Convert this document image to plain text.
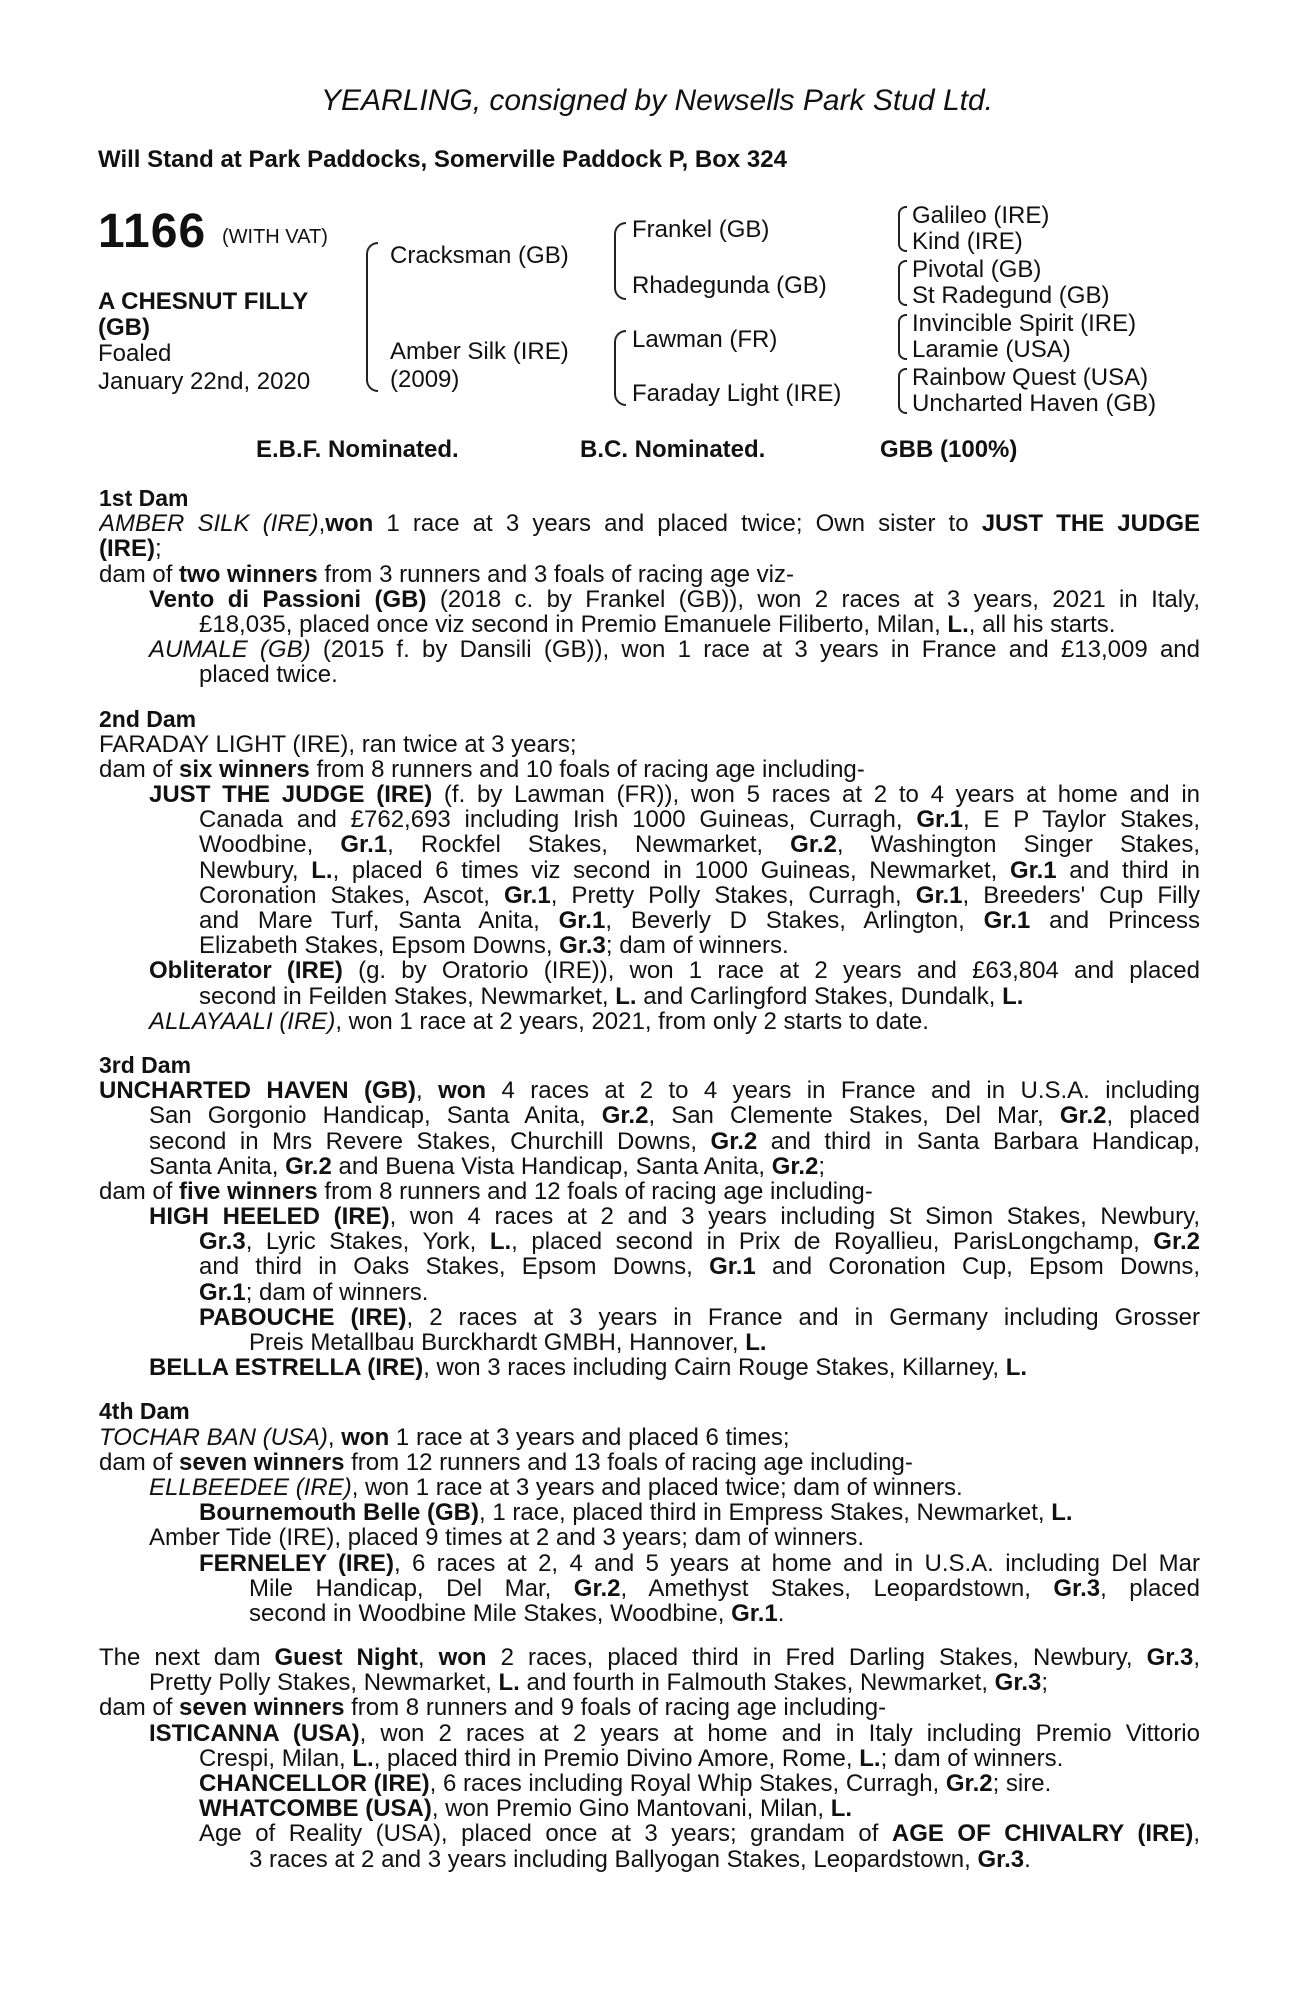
YEARLING, consigned by Newsells Park Stud Ltd.
Will Stand at Park Paddocks, Somerville Paddock P, Box 324
1166 (WITH VAT)
A CHESNUT FILLY
(GB)
Foaled
January 22nd, 2020
Cracksman (GB)
Amber Silk (IRE)
(2009)
Frankel (GB)
Rhadegunda (GB)
Lawman (FR)
Faraday Light (IRE)
Galileo (IRE)
Kind (IRE)
Pivotal (GB)
St Radegund (GB)
Invincible Spirit (IRE)
Laramie (USA)
Rainbow Quest (USA)
Uncharted Haven (GB)
E.B.F. Nominated.	B.C. Nominated.	GBB (100%)
1st Dam
AMBER SILK (IRE),won 1 race at 3 years and placed twice; Own sister to JUST THE JUDGE
(IRE);
dam of two winners from 3 runners and 3 foals of racing age viz-
Vento di Passioni (GB) (2018 c. by Frankel (GB)), won 2 races at 3 years, 2021 in Italy,
£18,035, placed once viz second in Premio Emanuele Filiberto, Milan, L., all his starts.
AUMALE (GB) (2015 f. by Dansili (GB)), won 1 race at 3 years in France and £13,009 and
placed twice.
2nd Dam
FARADAY LIGHT (IRE), ran twice at 3 years;
dam of six winners from 8 runners and 10 foals of racing age including-
JUST THE JUDGE (IRE) (f. by Lawman (FR)), won 5 races at 2 to 4 years at home and in
Canada and £762,693 including Irish 1000 Guineas, Curragh, Gr.1, E P Taylor Stakes,
Woodbine, Gr.1, Rockfel Stakes, Newmarket, Gr.2, Washington Singer Stakes,
Newbury, L., placed 6 times viz second in 1000 Guineas, Newmarket, Gr.1 and third in
Coronation Stakes, Ascot, Gr.1, Pretty Polly Stakes, Curragh, Gr.1, Breeders' Cup Filly
and Mare Turf, Santa Anita, Gr.1, Beverly D Stakes, Arlington, Gr.1 and Princess
Elizabeth Stakes, Epsom Downs, Gr.3; dam of winners.
Obliterator (IRE) (g. by Oratorio (IRE)), won 1 race at 2 years and £63,804 and placed
second in Feilden Stakes, Newmarket, L. and Carlingford Stakes, Dundalk, L.
ALLAYAALI (IRE), won 1 race at 2 years, 2021, from only 2 starts to date.
3rd Dam
UNCHARTED HAVEN (GB), won 4 races at 2 to 4 years in France and in U.S.A. including
San Gorgonio Handicap, Santa Anita, Gr.2, San Clemente Stakes, Del Mar, Gr.2, placed
second in Mrs Revere Stakes, Churchill Downs, Gr.2 and third in Santa Barbara Handicap,
Santa Anita, Gr.2 and Buena Vista Handicap, Santa Anita, Gr.2;
dam of five winners from 8 runners and 12 foals of racing age including-
HIGH HEELED (IRE), won 4 races at 2 and 3 years including St Simon Stakes, Newbury,
Gr.3, Lyric Stakes, York, L., placed second in Prix de Royallieu, ParisLongchamp, Gr.2
and third in Oaks Stakes, Epsom Downs, Gr.1 and Coronation Cup, Epsom Downs,
Gr.1; dam of winners.
PABOUCHE (IRE), 2 races at 3 years in France and in Germany including Grosser
Preis Metallbau Burckhardt GMBH, Hannover, L.
BELLA ESTRELLA (IRE), won 3 races including Cairn Rouge Stakes, Killarney, L.
4th Dam
TOCHAR BAN (USA), won 1 race at 3 years and placed 6 times;
dam of seven winners from 12 runners and 13 foals of racing age including-
ELLBEEDEE (IRE), won 1 race at 3 years and placed twice; dam of winners.
Bournemouth Belle (GB), 1 race, placed third in Empress Stakes, Newmarket, L.
Amber Tide (IRE), placed 9 times at 2 and 3 years; dam of winners.
FERNELEY (IRE), 6 races at 2, 4 and 5 years at home and in U.S.A. including Del Mar
Mile Handicap, Del Mar, Gr.2, Amethyst Stakes, Leopardstown, Gr.3, placed
second in Woodbine Mile Stakes, Woodbine, Gr.1.
The next dam Guest Night, won 2 races, placed third in Fred Darling Stakes, Newbury, Gr.3,
Pretty Polly Stakes, Newmarket, L. and fourth in Falmouth Stakes, Newmarket, Gr.3;
dam of seven winners from 8 runners and 9 foals of racing age including-
ISTICANNA (USA), won 2 races at 2 years at home and in Italy including Premio Vittorio
Crespi, Milan, L., placed third in Premio Divino Amore, Rome, L.; dam of winners.
CHANCELLOR (IRE), 6 races including Royal Whip Stakes, Curragh, Gr.2; sire.
WHATCOMBE (USA), won Premio Gino Mantovani, Milan, L.
Age of Reality (USA), placed once at 3 years; grandam of AGE OF CHIVALRY (IRE),
3 races at 2 and 3 years including Ballyogan Stakes, Leopardstown, Gr.3.
